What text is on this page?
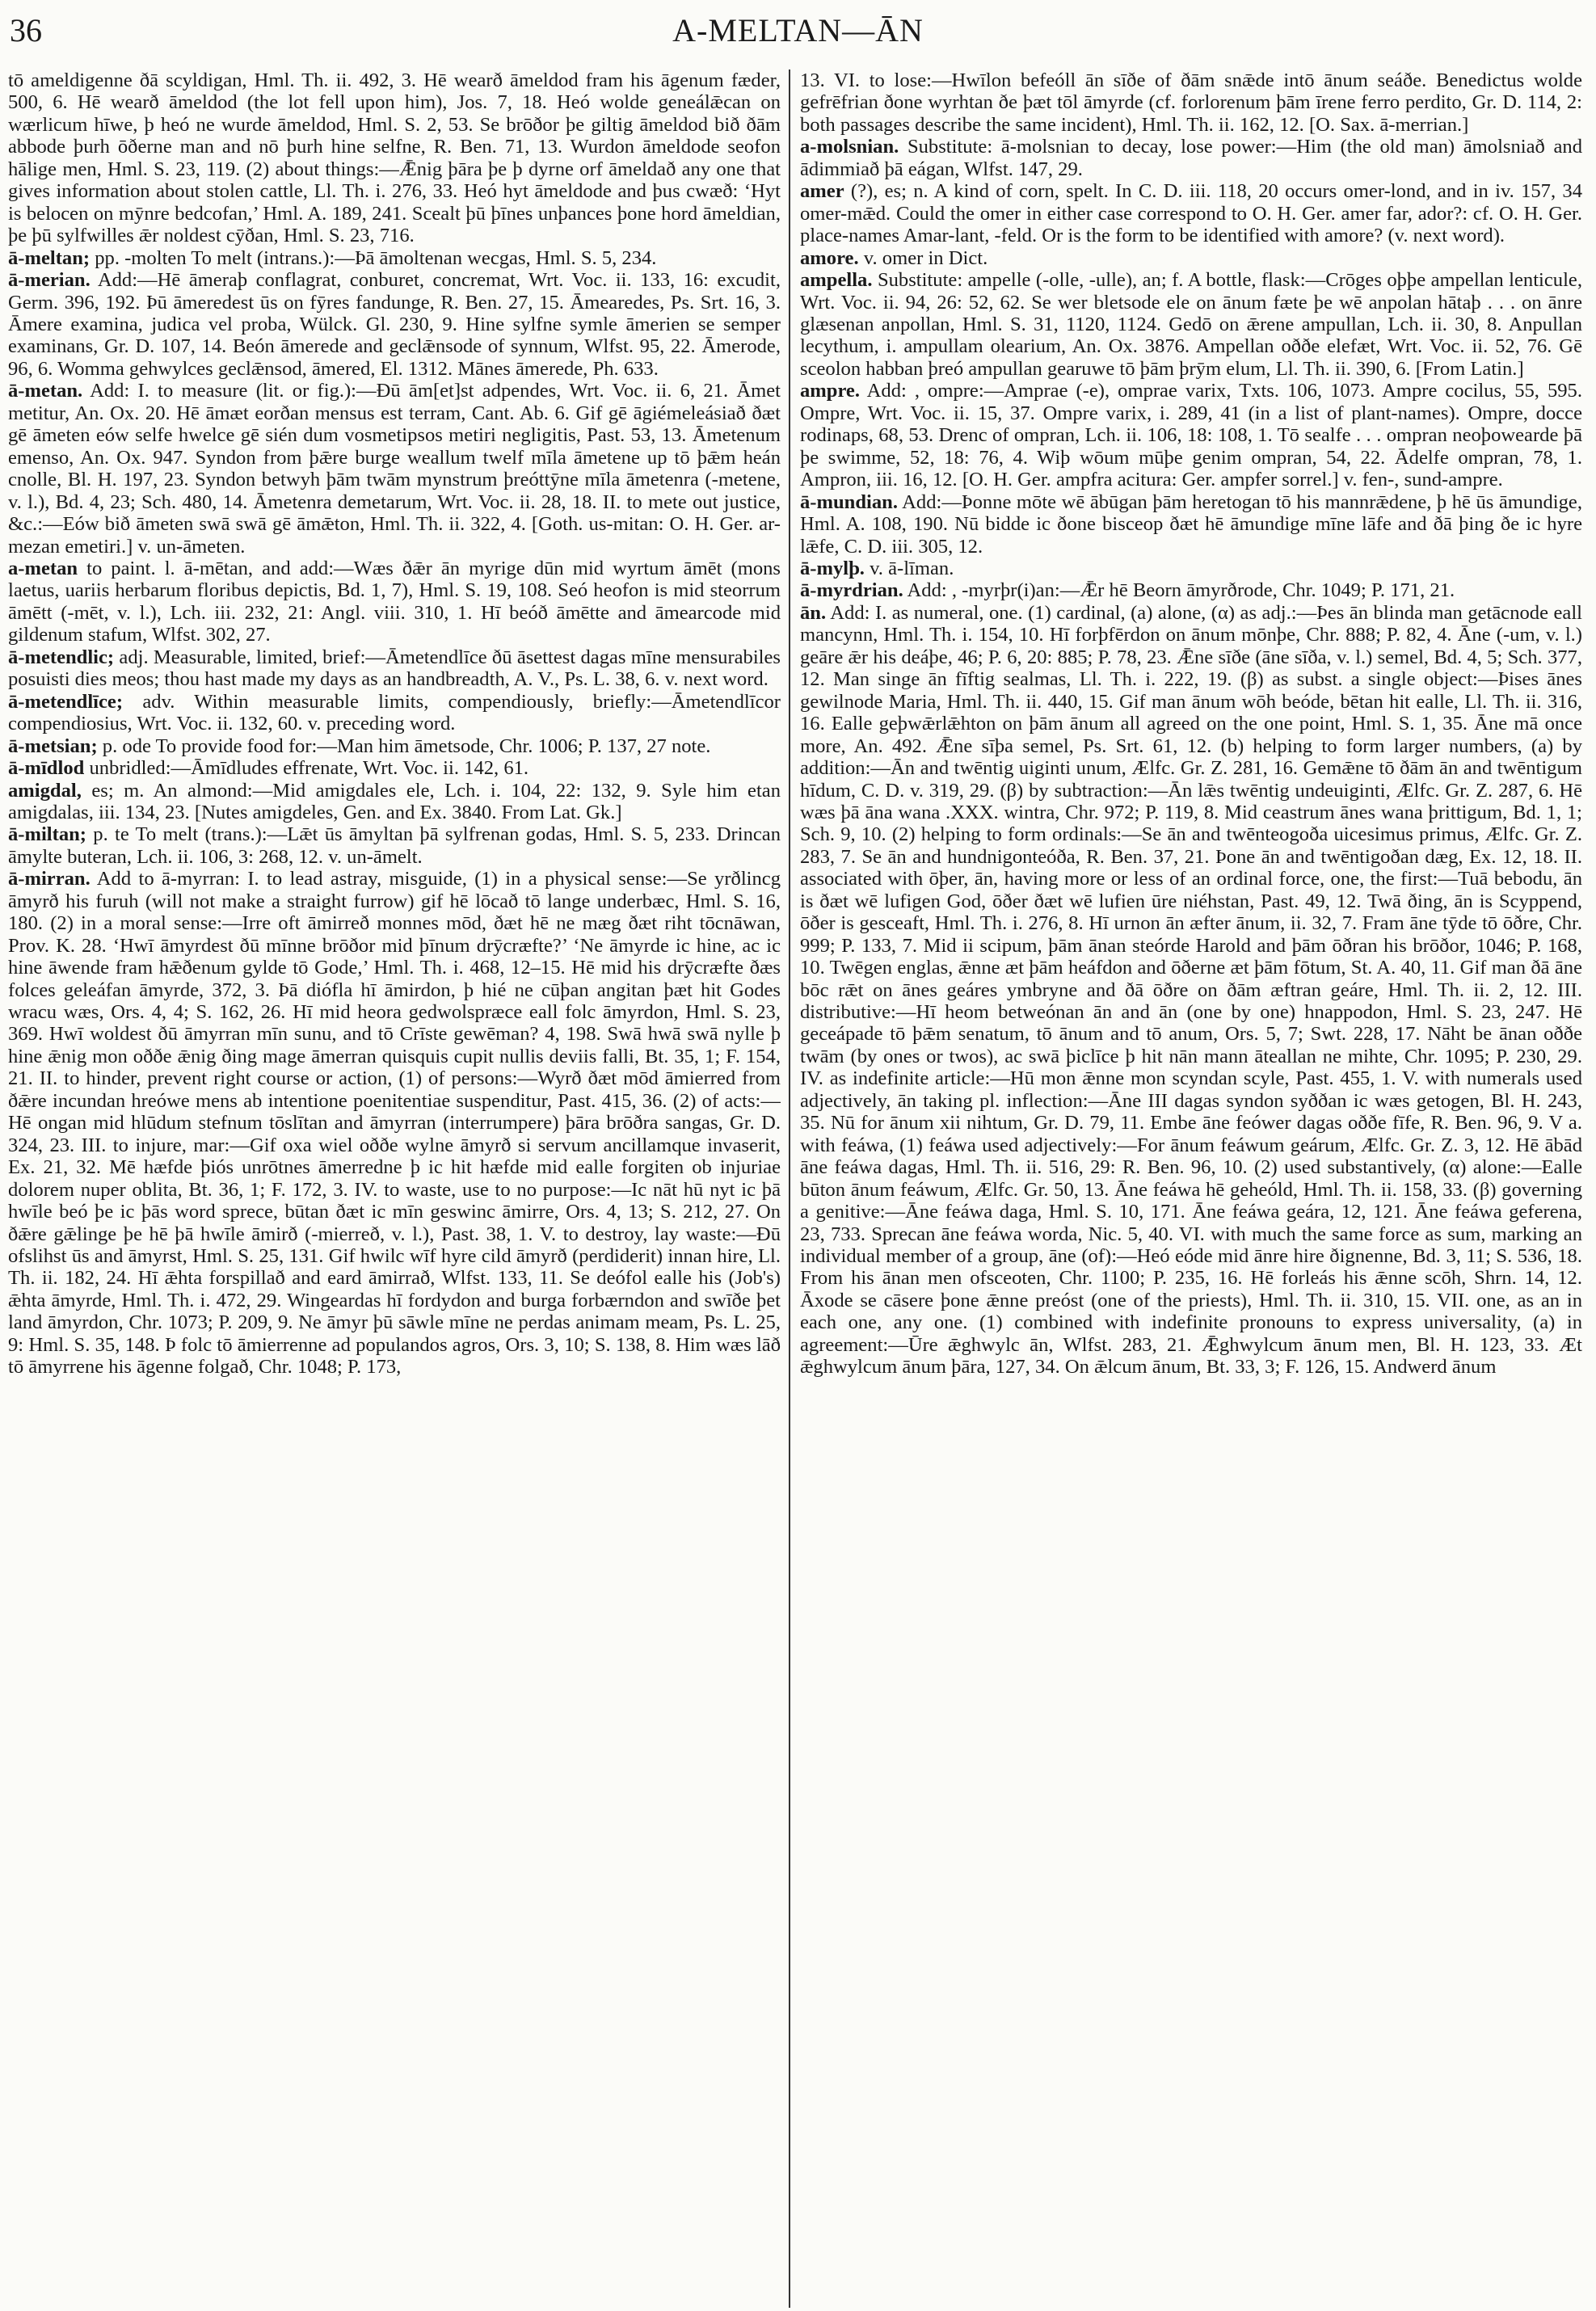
36	A-MELTAN—ĀN

tō ameldigenne ðā scyldigan, Hml. Th. ii. 492, 3. Hē wearð āmeldod fram his āgenum fæder, 500, 6. Hē wearð āmeldod (the lot fell upon him), Jos. 7, 18. Heó wolde geneálǣcan on wærlicum hīwe, þ heó ne wurde āmeldod, Hml. S. 2, 53. Se brōðor þe giltig āmeldod bið ðām abbode þurh ōðerne man and nō þurh hine selfne, R. Ben. 71, 13. Wurdon āmeldode seofon hālige men, Hml. S. 23, 119. (2) about things:—Ǣnig þāra þe þ dyrne orf āmeldað any one that gives information about stolen cattle, Ll. Th. i. 276, 33. Heó hyt āmeldode and þus cwæð: ‘Hyt is belocen on mȳnre bedcofan,’ Hml. A. 189, 241. Scealt þū þīnes unþances þone hord āmeldian, þe þū sylfwilles ǣr noldest cȳðan, Hml. S. 23, 716.

ā-meltan; pp. -molten To melt (intrans.):—Þā āmoltenan wecgas, Hml. S. 5, 234.

ā-merian. Add:—Hē āmeraþ conflagrat, conburet, concremat, Wrt. Voc. ii. 133, 16: excudit, Germ. 396, 192. Þū āmeredest ūs on fȳres fandunge, R. Ben. 27, 15. Āmearedes, Ps. Srt. 16, 3. Āmere examina, judica vel proba, Wülck. Gl. 230, 9. Hine sylfne symle āmerien se semper examinans, Gr. D. 107, 14. Beón āmerede and geclǣnsode of synnum, Wlfst. 95, 22. Āmerode, 96, 6. Womma gehwylces geclǣnsod, āmered, El. 1312. Mānes āmerede, Ph. 633.

ā-metan. Add: I. to measure (lit. or fig.):—Ðū ām[et]st adpendes, Wrt. Voc. ii. 6, 21. Āmet metitur, An. Ox. 20. Hē āmæt eorðan mensus est terram, Cant. Ab. 6. Gif gē āgiémeleásiað ðæt gē āmeten eów selfe hwelce gē sién dum vosmetipsos metiri negligitis, Past. 53, 13. Āmetenum emenso, An. Ox. 947. Syndon from þǣre burge weallum twelf mīla āmetene up tō þǣm heán cnolle, Bl. H. 197, 23. Syndon betwyh þām twām mynstrum þreóttȳne mīla āmetenra (-metene, v. l.), Bd. 4, 23; Sch. 480, 14. Āmetenra demetarum, Wrt. Voc. ii. 28, 18. II. to mete out justice, &c.:—Eów bið āmeten swā swā gē āmǣton, Hml. Th. ii. 322, 4. [Goth. us-mitan: O. H. Ger. ar-mezan emetiri.] v. un-āmeten.

a-metan to paint. l. ā-mētan, and add:—Wæs ðǣr ān myrige dūn mid wyrtum āmēt (mons laetus, uariis herbarum floribus depictis, Bd. 1, 7), Hml. S. 19, 108. Seó heofon is mid steorrum āmētt (-mēt, v. l.), Lch. iii. 232, 21: Angl. viii. 310, 1. Hī beóð āmētte and āmearcode mid gildenum stafum, Wlfst. 302, 27.

ā-metendlic; adj. Measurable, limited, brief:—Āmetendlīce ðū āsettest dagas mīne mensurabiles posuisti dies meos; thou hast made my days as an handbreadth, A. V., Ps. L. 38, 6. v. next word.

ā-metendlīce; adv. Within measurable limits, compendiously, briefly:—Āmetendlīcor compendiosius, Wrt. Voc. ii. 132, 60. v. preceding word.

ā-metsian; p. ode To provide food for:—Man him āmetsode, Chr. 1006; P. 137, 27 note.

ā-mīdlod unbridled:—Āmīdludes effrenate, Wrt. Voc. ii. 142, 61.

amigdal, es; m. An almond:—Mid amigdales ele, Lch. i. 104, 22: 132, 9. Syle him etan amigdalas, iii. 134, 23. [Nutes amigdeles, Gen. and Ex. 3840. From Lat. Gk.]

ā-miltan; p. te To melt (trans.):—Lǣt ūs āmyltan þā sylfrenan godas, Hml. S. 5, 233. Drincan āmylte buteran, Lch. ii. 106, 3: 268, 12. v. un-āmelt.

ā-mirran. Add to ā-myrran: I. to lead astray, misguide, (1) in a physical sense:—Se yrðlincg āmyrð his furuh (will not make a straight furrow) gif hē lōcað tō lange underbæc, Hml. S. 16, 180. (2) in a moral sense:—Irre oft āmirreð monnes mōd, ðæt hē ne mæg ðæt riht tōcnāwan, Prov. K. 28. ‘Hwī āmyrdest ðū mīnne brōðor mid þīnum drȳcræfte?’ ‘Ne āmyrde ic hine, ac ic hine āwende fram hǣðenum gylde tō Gode,’ Hml. Th. i. 468, 12–15. Hē mid his drȳcræfte ðæs folces geleáfan āmyrde, 372, 3. Þā dióflа hī āmirdon, þ hié ne cūþan angitan þæt hit Godes wracu wæs, Ors. 4, 4; S. 162, 26. Hī mid heora gedwolspræce eall folc āmyrdon, Hml. S. 23, 369. Hwī woldest ðū āmyrran mīn sunu, and tō Crīste gewēman? 4, 198. Swā hwā swā nylle þ hine ǣnig mon oððe ǣnig ðing mage āmerran quisquis cupit nullis deviis falli, Bt. 35, 1; F. 154, 21. II. to hinder, prevent right course or action, (1) of persons:—Wyrð ðæt mōd āmierred from ðǣre incundan hreówe mens ab intentione poenitentiae suspenditur, Past. 415, 36. (2) of acts:—Hē ongan mid hlūdum stefnum tōslītan and āmyrran (interrumpere) þāra brōðra sangas, Gr. D. 324, 23. III. to injure, mar:—Gif oxa wiel oððe wylne āmyrð si servum ancillamque invaserit, Ex. 21, 32. Mē hæfde þiós unrōtnes āmerredne þ ic hit hæfde mid ealle forgiten ob injuriae dolorem nuper oblita, Bt. 36, 1; F. 172, 3. IV. to waste, use to no purpose:—Ic nāt hū nyt ic þā hwīle beó þe ic þās word sprece, būtan ðæt ic mīn geswinc āmirre, Ors. 4, 13; S. 212, 27. On ðǣre gǣlinge þe hē þā hwīle āmirð (-mierreð, v. l.), Past. 38, 1. V. to destroy, lay waste:—Ðū ofslihst ūs and āmyrst, Hml. S. 25, 131. Gif hwilc wīf hyre cild āmyrð (perdiderit) innan hire, Ll. Th. ii. 182, 24. Hī ǣhta forspillað and eard āmirrað, Wlfst. 133, 11. Se deófol ealle his (Job's) ǣhta āmyrde, Hml. Th. i. 472, 29. Wingeardas hī fordydon and burga forbærndon and swīðe þet land āmyrdon, Chr. 1073; P. 209, 9. Ne āmyr þū sāwle mīne ne perdas animam meam, Ps. L. 25, 9: Hml. S. 35, 148. Þ folc tō āmierrenne ad populandos agros, Ors. 3, 10; S. 138, 8. Him wæs lāð tō āmyrrene his āgenne folgað, Chr. 1048; P. 173,

13. VI. to lose:—Hwīlon befeóll ān sīðe of ðām snǣde intō ānum seáðe. Benedictus wolde gefrēfrian ðone wyrhtan ðe þæt tōl āmyrde (cf. forlorenum þām īrene ferro perdito, Gr. D. 114, 2: both passages describe the same incident), Hml. Th. ii. 162, 12. [O. Sax. ā-merrian.]

a-molsnian. Substitute: ā-molsnian to decay, lose power:—Him (the old man) āmolsniað and ādimmiað þā eágan, Wlfst. 147, 29.

amer (?), es; n. A kind of corn, spelt. In C. D. iii. 118, 20 occurs omer-lond, and in iv. 157, 34 omer-mǣd. Could the omer in either case correspond to O. H. Ger. amer far, ador?: cf. O. H. Ger. place-names Amar-lant, -feld. Or is the form to be identified with amore? (v. next word).

amore. v. omer in Dict.

ampella. Substitute: ampelle (-olle, -ulle), an; f. A bottle, flask:—Crōges oþþe ampellan lenticule, Wrt. Voc. ii. 94, 26: 52, 62. Se wer bletsode ele on ānum fæte þe wē anpolan hātaþ . . . on ānre glæsenan anpollan, Hml. S. 31, 1120, 1124. Gedō on ǣrene ampullan, Lch. ii. 30, 8. Anpullan lecythum, i. ampullam olearium, An. Ox. 3876. Ampellan oððe elefæt, Wrt. Voc. ii. 52, 76. Gē sceolon habban þreó ampullan gearuwe tō þām þrȳm elum, Ll. Th. ii. 390, 6. [From Latin.]

ampre. Add: , ompre:—Amprae (-e), omprae varix, Txts. 106, 1073. Ampre cocilus, 55, 595. Ompre, Wrt. Voc. ii. 15, 37. Ompre varix, i. 289, 41 (in a list of plant-names). Ompre, docce rodinaps, 68, 53. Drenc of ompran, Lch. ii. 106, 18: 108, 1. Tō sealfe . . . ompran neoþowearde þā þe swimme, 52, 18: 76, 4. Wiþ wōum mūþe genim ompran, 54, 22. Ādelfe ompran, 78, 1. Ampron, iii. 16, 12. [O. H. Ger. ampfra acitura: Ger. ampfer sorrel.] v. fen-, sund-ampre.

ā-mundian. Add:—Þonne mōte wē ābūgan þām heretogan tō his mannrǣdene, þ hē ūs āmundige, Hml. A. 108, 190. Nū bidde ic ðone bisceop ðæt hē āmundige mīne lāfe and ðā þing ðe ic hyre lǣfe, C. D. iii. 305, 12.

ā-mylþ. v. ā-līman.

ā-myrdrian. Add: , -myrþr(i)an:—Ǣr hē Beorn āmyrðrode, Chr. 1049; P. 171, 21.

ān. Add: I. as numeral, one. (1) cardinal, (a) alone, (α) as adj.:—Þes ān blinda man getācnode eall mancynn, Hml. Th. i. 154, 10. Hī forþfērdon on ānum mōnþe, Chr. 888; P. 82, 4. Āne (-um, v. l.) geāre ǣr his deáþe, 46; P. 6, 20: 885; P. 78, 23. Ǣne sīðe (āne sīða, v. l.) semel, Bd. 4, 5; Sch. 377, 12. Man singe ān fīftig sealmas, Ll. Th. i. 222, 19. (β) as subst. a single object:—Þises ānes gewilnode Maria, Hml. Th. ii. 440, 15. Gif man ānum wōh beóde, bētan hit ealle, Ll. Th. ii. 316, 16. Ealle geþwǣrlǣhton on þām ānum all agreed on the one point, Hml. S. 1, 35. Āne mā once more, An. 492. Ǣne sīþa semel, Ps. Srt. 61, 12. (b) helping to form larger numbers, (a) by addition:—Ān and twēntig uiginti unum, Ælfc. Gr. Z. 281, 16. Gemǣne tō ðām ān and twēntigum hīdum, C. D. v. 319, 29. (β) by subtraction:—Ān lǣs twēntig undeuiginti, Ælfc. Gr. Z. 287, 6. Hē wæs þā āna wana .XXX. wintra, Chr. 972; P. 119, 8. Mid ceastrum ānes wana þrittigum, Bd. 1, 1; Sch. 9, 10. (2) helping to form ordinals:—Se ān and twēnteogoða uicesimus primus, Ælfc. Gr. Z. 283, 7. Se ān and hundnigonteóða, R. Ben. 37, 21. Þone ān and twēntigoðan dæg, Ex. 12, 18. II. associated with ōþer, ān, having more or less of an ordinal force, one, the first:—Tuā bebodu, ān is ðæt wē lufigen God, ōðer ðæt wē lufien ūre niéhstan, Past. 49, 12. Twā ðing, ān is Scyppend, ōðer is gesceaft, Hml. Th. i. 276, 8. Hī urnon ān æfter ānum, ii. 32, 7. Fram āne tȳde tō ōðre, Chr. 999; P. 133, 7. Mid ii scipum, þām ānan steórde Harold and þām ōðran his brōðor, 1046; P. 168, 10. Twēgen englas, ǣnne æt þām heáfdon and ōðerne æt þām fōtum, St. A. 40, 11. Gif man ðā āne bōc rǣt on ānes geáres ymbryne and ðā ōðre on ðām æftran geáre, Hml. Th. ii. 2, 12. III. distributive:—Hī heom betweónan ān and ān (one by one) hnappodon, Hml. S. 23, 247. Hē geceápade tō þǣm senatum, tō ānum and tō anum, Ors. 5, 7; Swt. 228, 17. Nāht be ānan oððe twām (by ones or twos), ac swā þiclīce þ hit nān mann āteallan ne mihte, Chr. 1095; P. 230, 29. IV. as indefinite article:—Hū mon ǣnne mon scyndan scyle, Past. 455, 1. V. with numerals used adjectively, ān taking pl. inflection:—Āne III dagas syndon syððan ic wæs getogen, Bl. H. 243, 35. Nū for ānum xii nihtum, Gr. D. 79, 11. Embe āne feówer dagas oððe fīfe, R. Ben. 96, 9. V a. with feáwa, (1) feáwa used adjectively:—For ānum feáwum geárum, Ælfc. Gr. Z. 3, 12. Hē ābād āne feáwa dagas, Hml. Th. ii. 516, 29: R. Ben. 96, 10. (2) used substantively, (α) alone:—Ealle būton ānum feáwum, Ælfc. Gr. 50, 13. Āne feáwa hē geheóld, Hml. Th. ii. 158, 33. (β) governing a genitive:—Āne feáwa daga, Hml. S. 10, 171. Āne feáwa geára, 12, 121. Āne feáwa geferena, 23, 733. Sprecan āne feáwa worda, Nic. 5, 40. VI. with much the same force as sum, marking an individual member of a group, āne (of):—Heó eóde mid ānre hire ðignenne, Bd. 3, 11; S. 536, 18. From his ānan men ofsceoten, Chr. 1100; P. 235, 16. Hē forleás his ǣnne scōh, Shrn. 14, 12. Āxode se cāsere þone ǣnne preóst (one of the priests), Hml. Th. ii. 310, 15. VII. one, as an in each one, any one. (1) combined with indefinite pronouns to express universality, (a) in agreement:—Ūre ǣghwylc ān, Wlfst. 283, 21. Ǣghwylcum ānum men, Bl. H. 123, 33. Æt ǣghwylcum ānum þāra, 127, 34. On ǣlcum ānum, Bt. 33, 3; F. 126, 15. Andwerd ānum
